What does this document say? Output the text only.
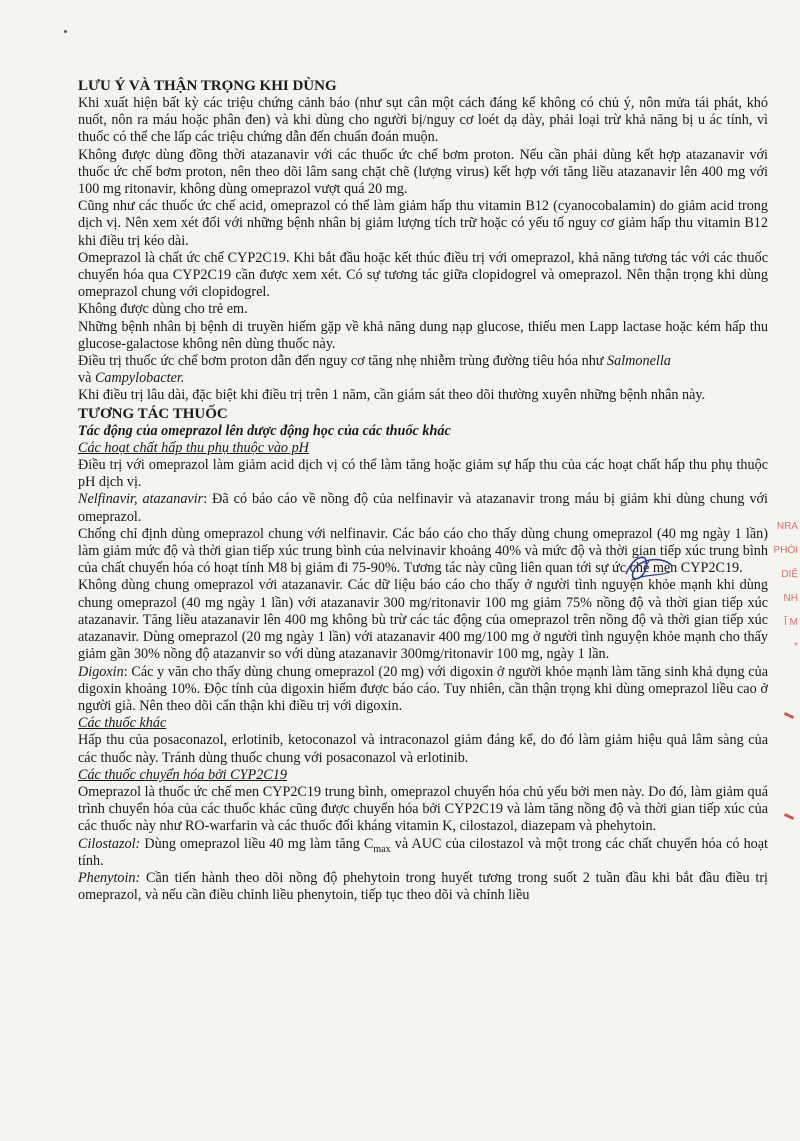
LƯU Ý VÀ THẬN TRỌNG KHI DÙNG

Khi xuất hiện bất kỳ các triệu chứng cảnh báo (như sụt cân một cách đáng kể không có chủ ý, nôn mửa tái phát, khó nuốt, nôn ra máu hoặc phân đen) và khi dùng cho người bị/nguy cơ loét dạ dày, phải loại trừ khả năng bị u ác tính, vì thuốc có thể che lấp các triệu chứng dẫn đến chuẩn đoán muộn.

Không được dùng đồng thời atazanavir với các thuốc ức chế bơm proton. Nếu cần phải dùng kết hợp atazanavir với thuốc ức chế bơm proton, nên theo dõi lâm sang chặt chẽ (lượng virus) kết hợp với tăng liều atazanavir lên 400 mg với 100 mg ritonavir, không dùng omeprazol vượt quá 20 mg.

Cũng như các thuốc ức chế acid, omeprazol có thể làm giảm hấp thu vitamin B12 (cyanocobalamin) do giảm acid trong dịch vị. Nên xem xét đối với những bệnh nhân bị giảm lượng tích trữ hoặc có yếu tố nguy cơ giảm hấp thu vitamin B12 khi điều trị kéo dài.

Omeprazol là chất ức chế CYP2C19. Khi bắt đầu hoặc kết thúc điều trị với omeprazol, khả năng tương tác với các thuốc chuyển hóa qua CYP2C19 cần được xem xét. Có sự tương tác giữa clopidogrel và omeprazol. Nên thận trọng khi dùng omeprazol chung với clopidogrel.

Không được dùng cho trẻ em.

Những bệnh nhân bị bệnh di truyền hiếm gặp về khả năng dung nạp glucose, thiếu men Lapp lactase hoặc kém hấp thu glucose-galactose không nên dùng thuốc này.

Điều trị thuốc ức chế bơm proton dẫn đến nguy cơ tăng nhẹ nhiễm trùng đường tiêu hóa như Salmonella
và Campylobacter.

Khi điều trị lâu dài, đặc biệt khi điều trị trên 1 năm, cần giám sát theo dõi thường xuyên những bệnh nhân này.

TƯƠNG TÁC THUỐC

Tác động của omeprazol lên dược động học của các thuốc khác

Các hoạt chất hấp thu phụ thuộc vào pH

Điều trị với omeprazol làm giảm acid dịch vị có thể làm tăng hoặc giảm sự hấp thu của các hoạt chất hấp thu phụ thuộc pH dịch vị.

Nelfinavir, atazanavir: Đã có báo cáo về nồng độ của nelfinavir và atazanavir trong máu bị giảm khi dùng chung với omeprazol.

Chống chỉ định dùng omeprazol chung với nelfinavir. Các báo cáo cho thấy dùng chung omeprazol (40 mg ngày 1 lần) làm giảm mức độ và thời gian tiếp xúc trung bình của nelvinavir khoảng 40% và mức độ và thời gian tiếp xúc trung bình của chất chuyển hóa có hoạt tính M8 bị giảm đi 75-90%. Tương tác này cũng liên quan tới sự ức chế men CYP2C19.

Không dùng chung omeprazol với atazanavir. Các dữ liệu báo cáo cho thấy ở người tình nguyện khỏe mạnh khi dùng chung omeprazol (40 mg ngày 1 lần) với atazanavir 300 mg/ritonavir 100 mg giảm 75% nồng độ và thời gian tiếp xúc atazanavir. Tăng liều atazanavir lên 400 mg không bù trừ các tác động của omeprazol trên nồng độ và thời gian tiếp xúc atazanavir. Dùng omeprazol (20 mg ngày 1 lần) với atazanavir 400 mg/100 mg ở người tình nguyện khỏe mạnh cho thấy giảm gần 30% nồng độ atazanvir so với dùng atazanavir 300mg/ritonavir 100 mg, ngày 1 lần.

Digoxin: Các y văn cho thấy dùng chung omeprazol (20 mg) với digoxin ở người khỏe mạnh làm tăng sinh khả dụng của digoxin khoảng 10%. Độc tính của digoxin hiếm được báo cáo. Tuy nhiên, cần thận trọng khi dùng omeprazol liều cao ở người già. Nên theo dõi cẩn thận khi điều trị với digoxin.

Các thuốc khác

Hấp thu của posaconazol, erlotinib, ketoconazol và intraconazol giảm đáng kể, do đó làm giảm hiệu quả lâm sàng của các thuốc này. Tránh dùng thuốc chung với posaconazol và erlotinib.

Các thuốc chuyển hóa bởi CYP2C19

Omeprazol là thuốc ức chế men CYP2C19 trung bình, omeprazol chuyển hóa chủ yếu bởi men này. Do đó, làm giảm quá trình chuyển hóa của các thuốc khác cũng được chuyển hóa bởi CYP2C19 và làm tăng nồng độ và thời gian tiếp xúc của các thuốc này như RO-warfarin và các thuốc đối kháng vitamin K, cilostazol, diazepam và phehytoin.

Cilostazol: Dùng omeprazol liều 40 mg làm tăng $C_{max}$ và AUC của cilostazol và một trong các chất chuyển hóa có hoạt tính.

Phenytoin: Cần tiến hành theo dõi nồng độ phehytoin trong huyết tương trong suốt 2 tuần đầu khi bắt đầu điều trị omeprazol, và nếu cần điều chỉnh liều phenytoin, tiếp tục theo dõi và chỉnh liều

NRA
PHÒI
DIỆ
NH
Ĩ M
*
